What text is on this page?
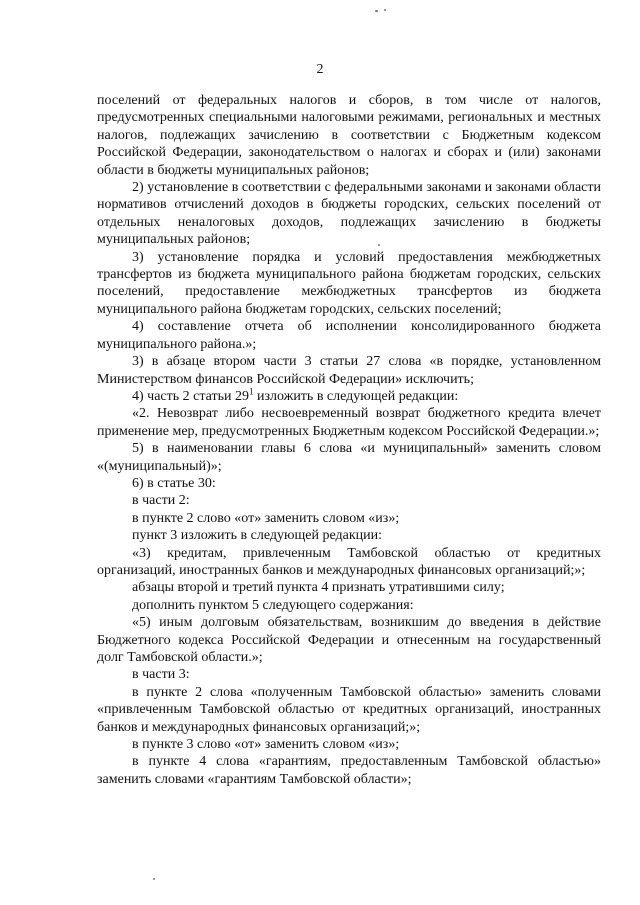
2

поселений от федеральных налогов и сборов, в том числе от налогов, предусмотренных специальными налоговыми режимами, региональных и местных налогов, подлежащих зачислению в соответствии с Бюджетным кодексом Российской Федерации, законодательством о налогах и сборах и (или) законами области в бюджеты муниципальных районов;

2) установление в соответствии с федеральными законами и законами области нормативов отчислений доходов в бюджеты городских, сельских поселений от отдельных неналоговых доходов, подлежащих зачислению в бюджеты муниципальных районов;

3) установление порядка и условий предоставления межбюджетных трансфертов из бюджета муниципального района бюджетам городских, сельских поселений, предоставление межбюджетных трансфертов из бюджета муниципального района бюджетам городских, сельских поселений;

4) составление отчета об исполнении консолидированного бюджета муниципального района.»;

3) в абзаце втором части 3 статьи 27 слова «в порядке, установленном Министерством финансов Российской Федерации» исключить;

4) часть 2 статьи $29^1$ изложить в следующей редакции:

«2. Невозврат либо несвоевременный возврат бюджетного кредита влечет применение мер, предусмотренных Бюджетным кодексом Российской Федерации.»;

5) в наименовании главы 6 слова «и муниципальный» заменить словом «(муниципальный)»;

6) в статье 30:

в части 2:

в пункте 2 слово «от» заменить словом «из»;

пункт 3 изложить в следующей редакции:

«3) кредитам, привлеченным Тамбовской областью от кредитных организаций, иностранных банков и международных финансовых организаций;»;

абзацы второй и третий пункта 4 признать утратившими силу;

дополнить пунктом 5 следующего содержания:

«5) иным долговым обязательствам, возникшим до введения в действие Бюджетного кодекса Российской Федерации и отнесенным на государственный долг Тамбовской области.»;

в части 3:

в пункте 2 слова «полученным Тамбовской областью» заменить словами «привлеченным Тамбовской областью от кредитных организаций, иностранных банков и международных финансовых организаций;»;

в пункте 3 слово «от» заменить словом «из»;

в пункте 4 слова «гарантиям, предоставленным Тамбовской областью» заменить словами «гарантиям Тамбовской области»;
